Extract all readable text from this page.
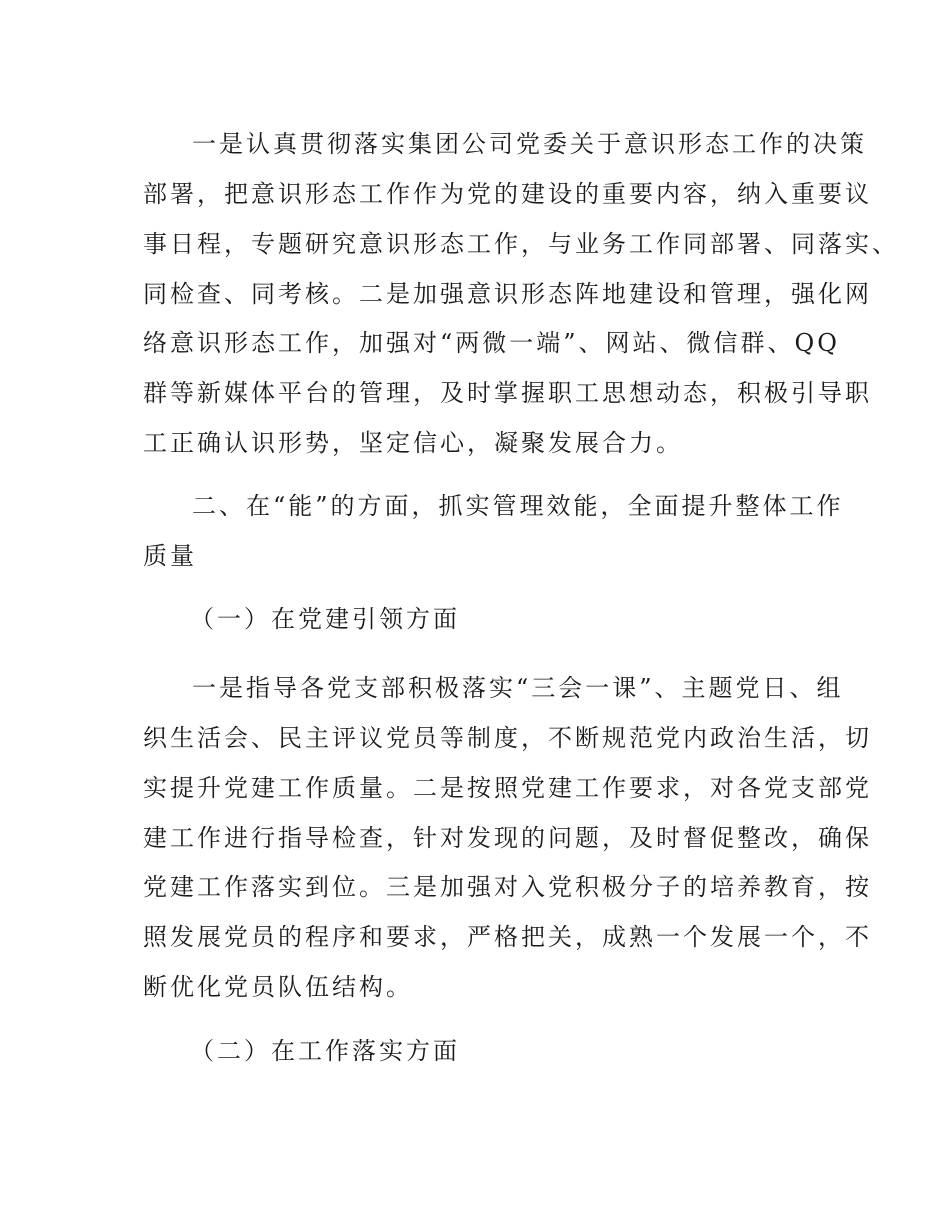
一是认真贯彻落实集团公司党委关于意识形态工作的决策
部署，把意识形态工作作为党的建设的重要内容，纳入重要议
事日程，专题研究意识形态工作，与业务工作同部署、同落实、
同检查、同考核。二是加强意识形态阵地建设和管理，强化网
络意识形态工作，加强对“两微一端”、网站、微信群、QQ
群等新媒体平台的管理，及时掌握职工思想动态，积极引导职
工正确认识形势，坚定信心，凝聚发展合力。
二、在“能”的方面，抓实管理效能，全面提升整体工作
质量
（一）在党建引领方面
一是指导各党支部积极落实“三会一课”、主题党日、组
织生活会、民主评议党员等制度，不断规范党内政治生活，切
实提升党建工作质量。二是按照党建工作要求，对各党支部党
建工作进行指导检查，针对发现的问题，及时督促整改，确保
党建工作落实到位。三是加强对入党积极分子的培养教育，按
照发展党员的程序和要求，严格把关，成熟一个发展一个，不
断优化党员队伍结构。
（二）在工作落实方面
